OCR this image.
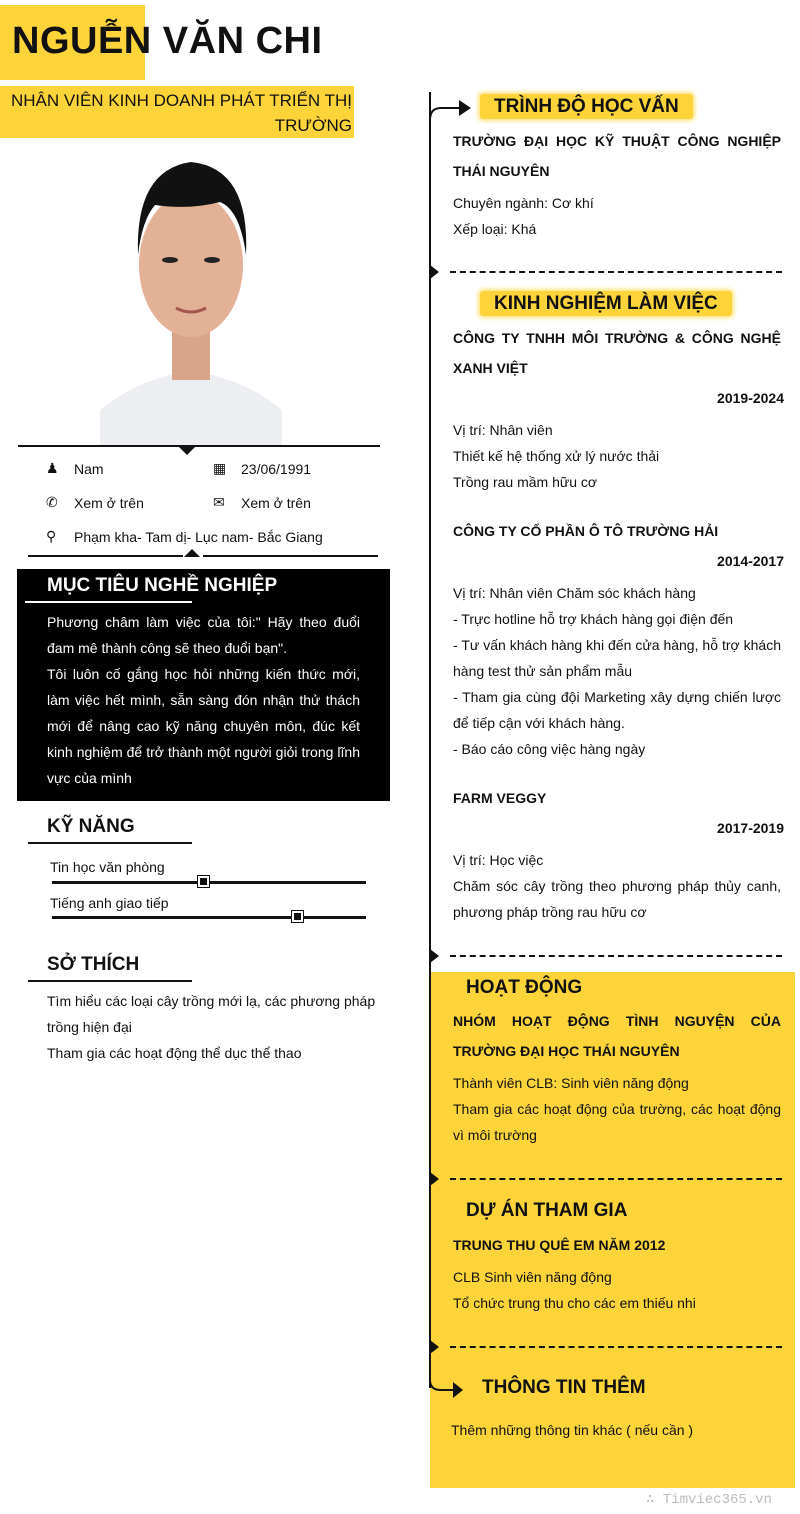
NGUỄN VĂN CHI
NHÂN VIÊN KINH DOANH PHÁT TRIỂN THỊ
TRƯỜNG
♟	Nam	▦	23/06/1991
✆	Xem ở trên	✉	Xem ở trên
⚲	Phạm kha- Tam dị- Lục nam- Bắc Giang
MỤC TIÊU NGHỀ NGHIỆP
Phương châm làm việc của tôi:" Hãy theo đuổi đam mê thành công sẽ theo đuổi bạn".
Tôi luôn cố gắng học hỏi những kiến thức mới, làm việc hết mình, sẵn sàng đón nhận thử thách mới để nâng cao kỹ năng chuyên môn, đúc kết kinh nghiệm để trở thành một người giỏi trong lĩnh vực của mình
KỸ NĂNG
Tin học văn phòng
Tiếng anh giao tiếp
SỞ THÍCH
Tìm hiểu các loại cây trồng mới lạ, các phương pháp trồng hiện đại
Tham gia các hoạt động thể dục thể thao
TRÌNH ĐỘ HỌC VẤN
TRƯỜNG ĐẠI HỌC KỸ THUẬT CÔNG NGHIỆP THÁI NGUYÊN
Chuyên ngành: Cơ khí
Xếp loại: Khá
KINH NGHIỆM LÀM VIỆC
CÔNG TY TNHH MÔI TRƯỜNG & CÔNG NGHỆ XANH VIỆT
2019-2024
Vị trí: Nhân viên
Thiết kế hệ thống xử lý nước thải
Trồng rau mầm hữu cơ
CÔNG TY CỔ PHẦN Ô TÔ TRƯỜNG HẢI
2014-2017
Vị trí: Nhân viên Chăm sóc khách hàng
- Trực hotline hỗ trợ khách hàng gọi điện đến
- Tư vấn khách hàng khi đến cửa hàng, hỗ trợ khách hàng test thử sản phẩm mẫu
- Tham gia cùng đội Marketing xây dựng chiến lược để tiếp cận với khách hàng.
- Báo cáo công việc hàng ngày
FARM VEGGY
2017-2019
Vị trí: Học việc
Chăm sóc cây trồng theo phương pháp thủy canh, phương pháp trồng rau hữu cơ
HOẠT ĐỘNG
NHÓM HOẠT ĐỘNG TÌNH NGUYỆN CỦA TRƯỜNG ĐẠI HỌC THÁI NGUYÊN
Thành viên CLB: Sinh viên năng động
Tham gia các hoạt động của trường, các hoạt động vì môi trường
DỰ ÁN THAM GIA
TRUNG THU QUÊ EM NĂM 2012
CLB Sinh viên năng động
Tổ chức trung thu cho các em thiếu nhi
THÔNG TIN THÊM
Thêm những thông tin khác ( nếu cần )
∴ Timviec365.vn
